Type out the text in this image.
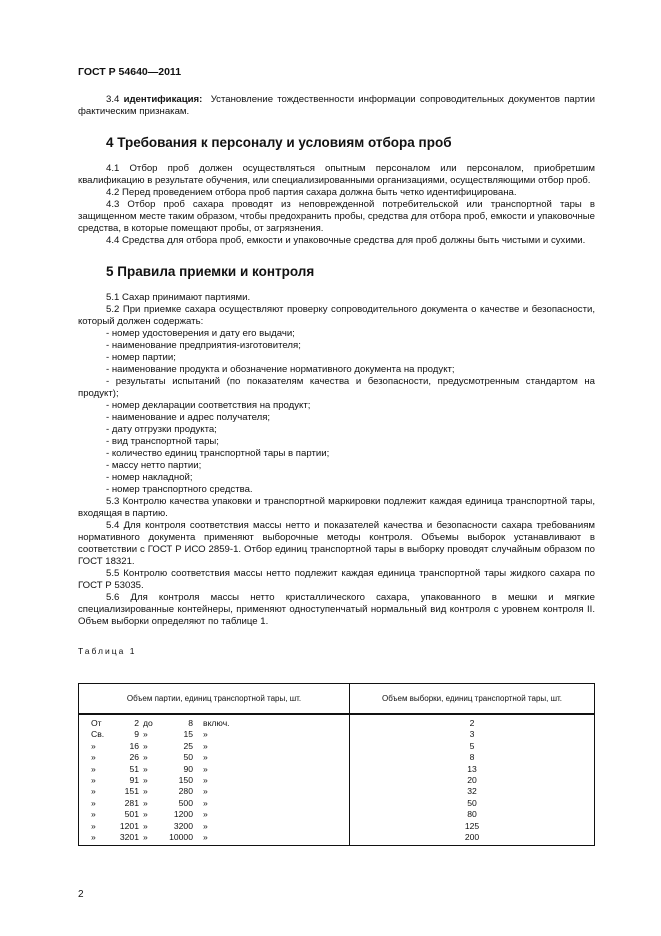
ГОСТ Р 54640—2011

3.4 идентификация: Установление тождественности информации сопроводительных документов партии фактическим признакам.

4 Требования к персоналу и условиям отбора проб

4.1 Отбор проб должен осуществляться опытным персоналом или персоналом, приобретшим квалификацию в результате обучения, или специализированными организациями, осуществляющими отбор проб.

4.2 Перед проведением отбора проб партия сахара должна быть четко идентифицирована.

4.3 Отбор проб сахара проводят из неповрежденной потребительской или транспортной тары в защищенном месте таким образом, чтобы предохранить пробы, средства для отбора проб, емкости и упаковочные средства, в которые помещают пробы, от загрязнения.

4.4 Средства для отбора проб, емкости и упаковочные средства для проб должны быть чистыми и сухими.

5 Правила приемки и контроля

5.1 Сахар принимают партиями.

5.2 При приемке сахара осуществляют проверку сопроводительного документа о качестве и безопасности, который должен содержать:

- номер удостоверения и дату его выдачи;

- наименование предприятия-изготовителя;

- номер партии;

- наименование продукта и обозначение нормативного документа на продукт;

- результаты испытаний (по показателям качества и безопасности, предусмотренным стандартом на продукт);

- номер декларации соответствия на продукт;

- наименование и адрес получателя;

- дату отгрузки продукта;

- вид транспортной тары;

- количество единиц транспортной тары в партии;

- массу нетто партии;

- номер накладной;

- номер транспортного средства.

5.3 Контролю качества упаковки и транспортной маркировки подлежит каждая единица транспортной тары, входящая в партию.

5.4 Для контроля соответствия массы нетто и показателей качества и безопасности сахара требованиям нормативного документа применяют выборочные методы контроля. Объемы выборок устанавливают в соответствии с ГОСТ Р ИСО 2859-1. Отбор единиц транспортной тары в выборку проводят случайным образом по ГОСТ 18321.

5.5 Контролю соответствия массы нетто подлежит каждая единица транспортной тары жидкого сахара по ГОСТ Р 53035.

5.6 Для контроля массы нетто кристаллического сахара, упакованного в мешки и мягкие специализированные контейнеры, применяют одноступенчатый нормальный вид контроля с уровнем контроля II. Объем выборки определяют по таблице 1.

Таблица 1
Объем партии, единиц транспортной тары, шт.	Объем выборки, единиц транспортной тары, шт.
От 2 до 8 включ.	2
Св. 9 » 15 »	3
» 16 » 25 »	5
» 26 » 50 »	8
» 51 » 90 »	13
» 91 » 150 »	20
» 151 » 280 »	32
» 281 » 500 »	50
» 501 » 1200 »	80
» 1201 » 3200 »	125
» 3201 » 10000 »	200
2
